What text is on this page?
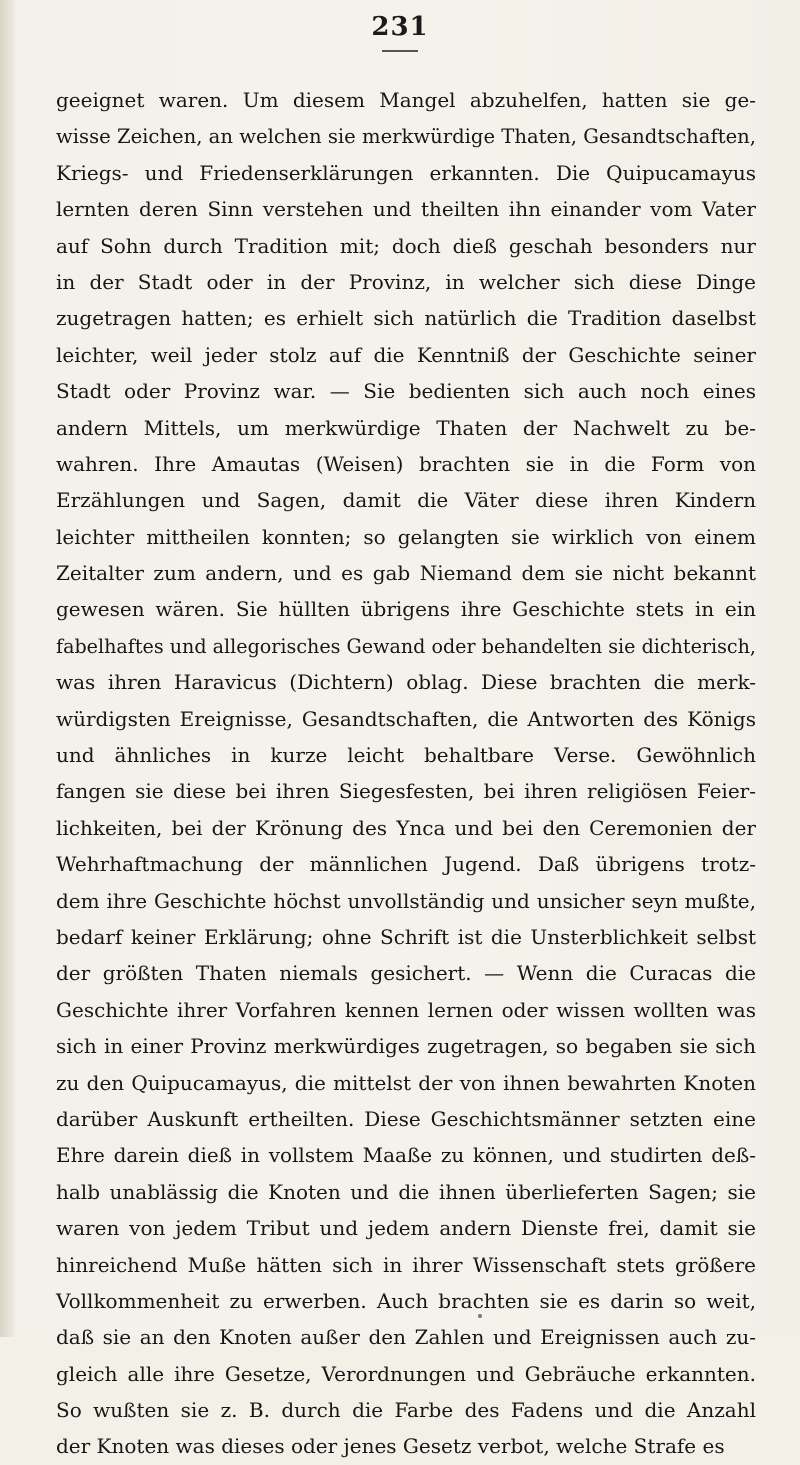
231
geeignet waren. Um diesem Mangel abzuhelfen, hatten sie ge-
wisse Zeichen, an welchen sie merkwürdige Thaten, Gesandtschaften,
Kriegs- und Friedenserklärungen erkannten. Die Quipucamayus
lernten deren Sinn verstehen und theilten ihn einander vom Vater
auf Sohn durch Tradition mit; doch dieß geschah besonders nur
in der Stadt oder in der Provinz, in welcher sich diese Dinge
zugetragen hatten; es erhielt sich natürlich die Tradition daselbst
leichter, weil jeder stolz auf die Kenntniß der Geschichte seiner
Stadt oder Provinz war. — Sie bedienten sich auch noch eines
andern Mittels, um merkwürdige Thaten der Nachwelt zu be-
wahren. Ihre Amautas (Weisen) brachten sie in die Form von
Erzählungen und Sagen, damit die Väter diese ihren Kindern
leichter mittheilen konnten; so gelangten sie wirklich von einem
Zeitalter zum andern, und es gab Niemand dem sie nicht bekannt
gewesen wären. Sie hüllten übrigens ihre Geschichte stets in ein
fabelhaftes und allegorisches Gewand oder behandelten sie dichterisch,
was ihren Haravicus (Dichtern) oblag. Diese brachten die merk-
würdigsten Ereignisse, Gesandtschaften, die Antworten des Königs
und ähnliches in kurze leicht behaltbare Verse. Gewöhnlich
fangen sie diese bei ihren Siegesfesten, bei ihren religiösen Feier-
lichkeiten, bei der Krönung des Ynca und bei den Ceremonien der
Wehrhaftmachung der männlichen Jugend. Daß übrigens trotz-
dem ihre Geschichte höchst unvollständig und unsicher seyn mußte,
bedarf keiner Erklärung; ohne Schrift ist die Unsterblichkeit selbst
der größten Thaten niemals gesichert. — Wenn die Curacas die
Geschichte ihrer Vorfahren kennen lernen oder wissen wollten was
sich in einer Provinz merkwürdiges zugetragen, so begaben sie sich
zu den Quipucamayus, die mittelst der von ihnen bewahrten Knoten
darüber Auskunft ertheilten. Diese Geschichtsmänner setzten eine
Ehre darein dieß in vollstem Maaße zu können, und studirten deß-
halb unablässig die Knoten und die ihnen überlieferten Sagen; sie
waren von jedem Tribut und jedem andern Dienste frei, damit sie
hinreichend Muße hätten sich in ihrer Wissenschaft stets größere
Vollkommenheit zu erwerben. Auch brachten sie es darin so weit,
daß sie an den Knoten außer den Zahlen und Ereignissen auch zu-
gleich alle ihre Gesetze, Verordnungen und Gebräuche erkannten.
So wußten sie z. B. durch die Farbe des Fadens und die Anzahl
der Knoten was dieses oder jenes Gesetz verbot, welche Strafe es
